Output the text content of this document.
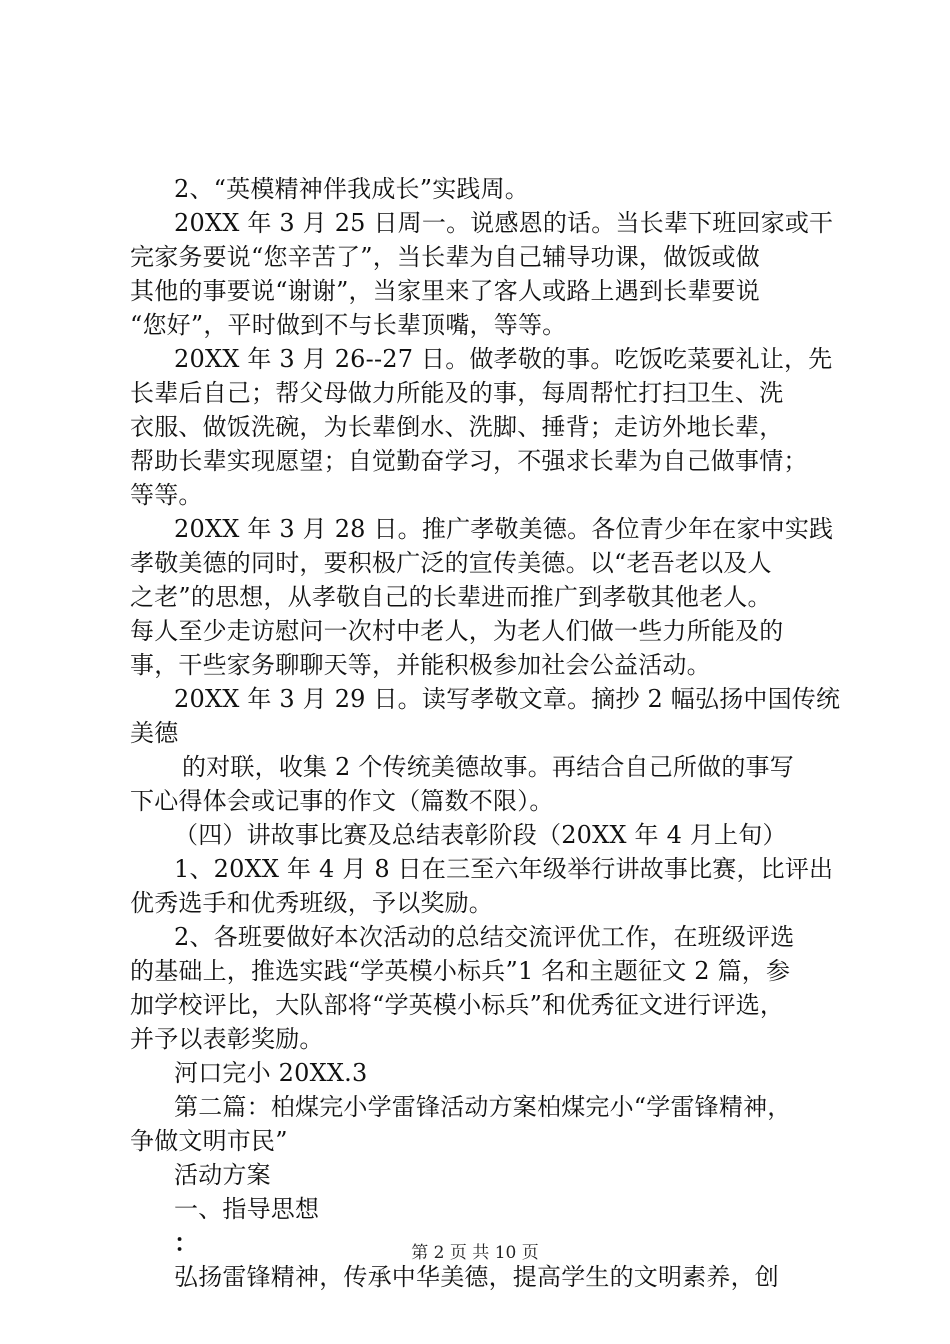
2、“英模精神伴我成长”实践周。
20XX 年 3 月 25 日周一。说感恩的话。当长辈下班回家或干
完家务要说“您辛苦了”，当长辈为自己辅导功课，做饭或做
其他的事要说“谢谢”，当家里来了客人或路上遇到长辈要说
“您好”，平时做到不与长辈顶嘴，等等。
20XX 年 3 月 26--27 日。做孝敬的事。吃饭吃菜要礼让，先
长辈后自己；帮父母做力所能及的事，每周帮忙打扫卫生、洗
衣服、做饭洗碗，为长辈倒水、洗脚、捶背；走访外地长辈，
帮助长辈实现愿望；自觉勤奋学习，不强求长辈为自己做事情；
等等。
20XX 年 3 月 28 日。推广孝敬美德。各位青少年在家中实践
孝敬美德的同时，要积极广泛的宣传美德。以“老吾老以及人
之老”的思想，从孝敬自己的长辈进而推广到孝敬其他老人。
每人至少走访慰问一次村中老人，为老人们做一些力所能及的
事，干些家务聊聊天等，并能积极参加社会公益活动。
20XX 年 3 月 29 日。读写孝敬文章。摘抄 2 幅弘扬中国传统
美德
的对联，收集 2 个传统美德故事。再结合自己所做的事写
下心得体会或记事的作文（篇数不限）。
（四）讲故事比赛及总结表彰阶段（20XX 年 4 月上旬）
1、20XX 年 4 月 8 日在三至六年级举行讲故事比赛，比评出
优秀选手和优秀班级，予以奖励。
2、各班要做好本次活动的总结交流评优工作，在班级评选
的基础上，推选实践“学英模小标兵”1 名和主题征文 2 篇，参
加学校评比，大队部将“学英模小标兵”和优秀征文进行评选，
并予以表彰奖励。
河口完小 20XX.3
第二篇：柏煤完小学雷锋活动方案柏煤完小“学雷锋精神，
争做文明市民”
活动方案
一、指导思想
：
弘扬雷锋精神，传承中华美德，提高学生的文明素养，创
第 2 页 共 10 页
